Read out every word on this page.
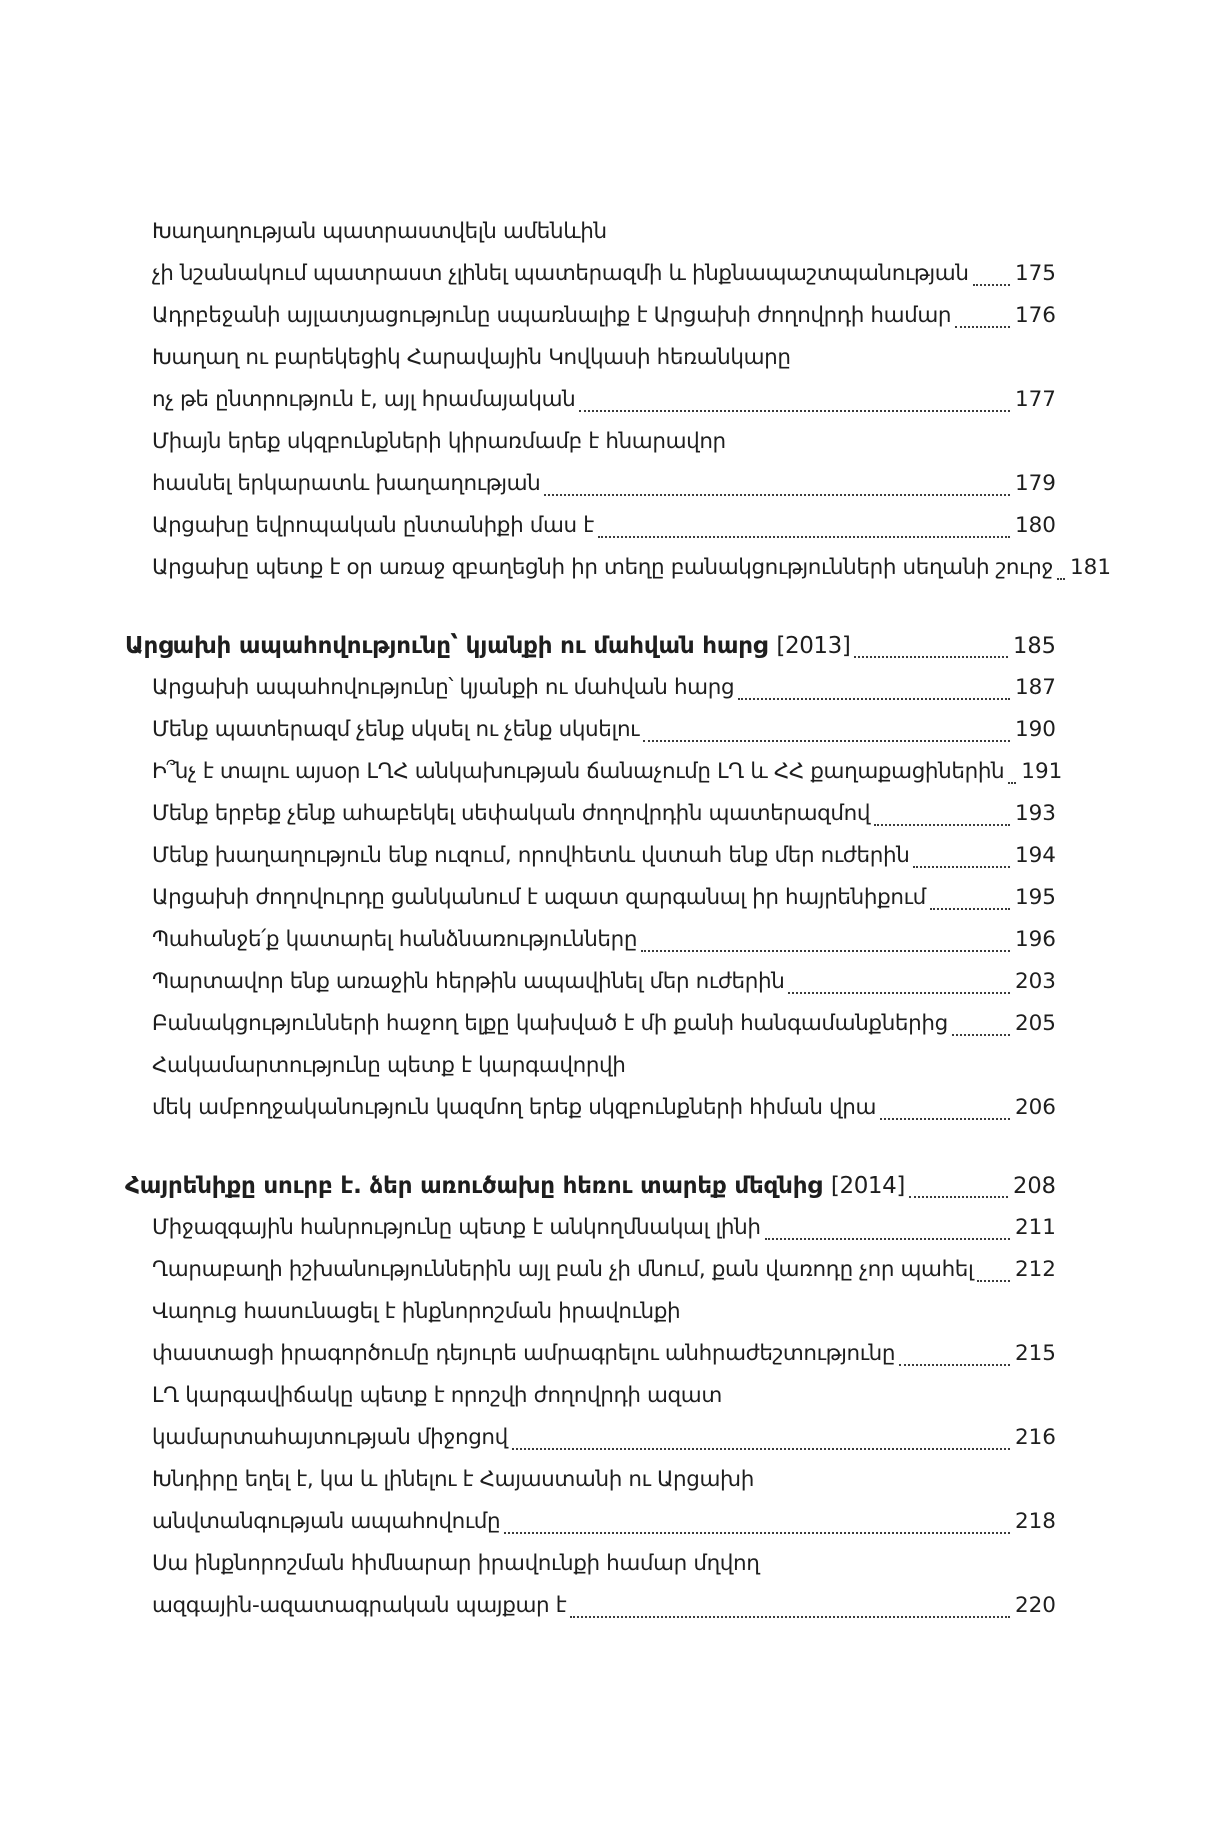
Խաղաղության պատրաստվելն ամենևին
չի նշանակում պատրաստ չլինել պատերազմի և ինքնապաշտպանության 175
Ադրբեջանի այլատյացությունը սպառնալիք է Արցախի ժողովրդի համար	176
Խաղաղ ու բարեկեցիկ Հարավային Կովկասի հեռանկարը
ոչ թե ընտրություն է, այլ հրամայական	177
Միայն երեք սկզբունքների կիրառմամբ է հնարավոր
հասնել երկարատև խաղաղության	179
Արցախը եվրոպական ընտանիքի մաս է	180
Արցախը պետք է օր առաջ զբաղեցնի իր տեղը բանակցությունների սեղանի շուրջ 181
Արցախի ապահովությունը՝ կյանքի ու մահվան հարց [2013]	185
Արցախի ապահովությունը՝ կյանքի ու մահվան հարց	187
Մենք պատերազմ չենք սկսել ու չենք սկսելու	190
Ի՞նչ է տալու այսօր ԼՂՀ անկախության ճանաչումը ԼՂ և ՀՀ քաղաքացիներին 191
Մենք երբեք չենք ահաբեկել սեփական ժողովրդին պատերազմով	193
Մենք խաղաղություն ենք ուզում, որովհետև վստահ ենք մեր ուժերին	194
Արցախի ժողովուրդը ցանկանում է ազատ զարգանալ իր հայրենիքում	195
Պահանջե՛ք կատարել հանձնառությունները	196
Պարտավոր ենք առաջին հերթին ապավինել մեր ուժերին	203
Բանակցությունների հաջող ելքը կախված է մի քանի հանգամանքներից	205
Հակամարտությունը պետք է կարգավորվի
մեկ ամբողջականություն կազմող երեք սկզբունքների հիման վրա	206
Հայրենիքը սուրբ է. ձեր առուծախը հեռու տարեք մեզնից [2014]	208
Միջազգային հանրությունը պետք է անկողմնակալ լինի	211
Ղարաբաղի իշխանություններին այլ բան չի մնում, քան վառոդը չոր պահել 212
Վաղուց հասունացել է ինքնորոշման իրավունքի
փաստացի իրագործումը դեյուրե ամրագրելու անհրաժեշտությունը	215
ԼՂ կարգավիճակը պետք է որոշվի ժողովրդի ազատ
կամարտահայտության միջոցով	216
Խնդիրը եղել է, կա և լինելու է Հայաստանի ու Արցախի
անվտանգության ապահովումը	218
Սա ինքնորոշման հիմնարար իրավունքի համար մղվող
ազգային-ազատագրական պայքար է	220
